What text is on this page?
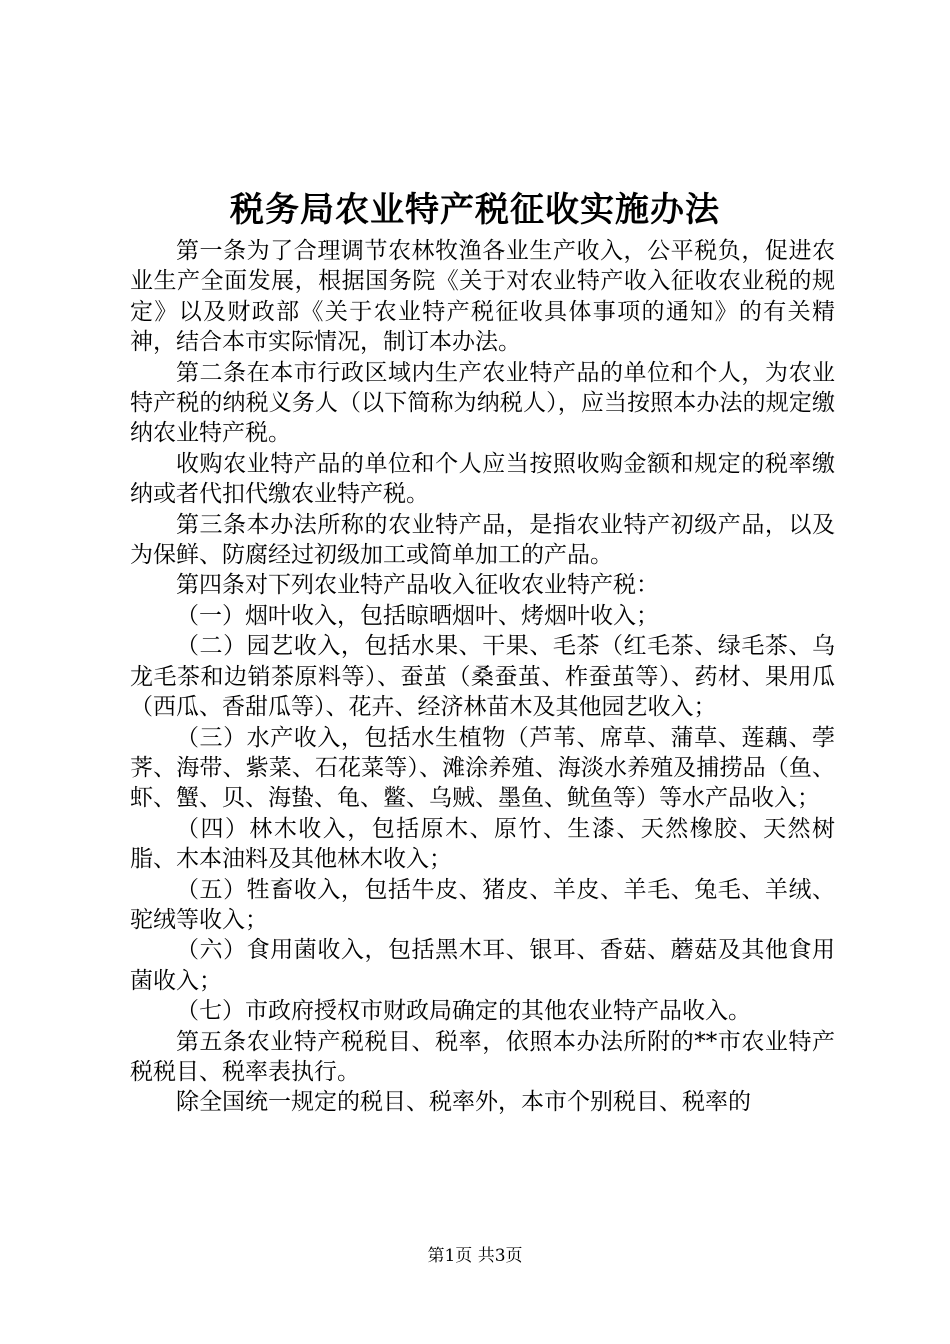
税务局农业特产税征收实施办法

第一条为了合理调节农林牧渔各业生产收入，公平税负，促进农业生产全面发展，根据国务院《关于对农业特产收入征收农业税的规定》以及财政部《关于农业特产税征收具体事项的通知》的有关精神，结合本市实际情况，制订本办法。

第二条在本市行政区域内生产农业特产品的单位和个人，为农业特产税的纳税义务人（以下简称为纳税人），应当按照本办法的规定缴纳农业特产税。

收购农业特产品的单位和个人应当按照收购金额和规定的税率缴纳或者代扣代缴农业特产税。

第三条本办法所称的农业特产品，是指农业特产初级产品，以及为保鲜、防腐经过初级加工或简单加工的产品。

第四条对下列农业特产品收入征收农业特产税：

（一）烟叶收入，包括晾晒烟叶、烤烟叶收入；

（二）园艺收入，包括水果、干果、毛茶（红毛茶、绿毛茶、乌龙毛茶和边销茶原料等）、蚕茧（桑蚕茧、柞蚕茧等）、药材、果用瓜（西瓜、香甜瓜等）、花卉、经济林苗木及其他园艺收入；

（三）水产收入，包括水生植物（芦苇、席草、蒲草、莲藕、荸荠、海带、紫菜、石花菜等）、滩涂养殖、海淡水养殖及捕捞品（鱼、虾、蟹、贝、海蛰、龟、鳖、乌贼、墨鱼、鱿鱼等）等水产品收入；

（四）林木收入，包括原木、原竹、生漆、天然橡胶、天然树脂、木本油料及其他林木收入；

（五）牲畜收入，包括牛皮、猪皮、羊皮、羊毛、兔毛、羊绒、驼绒等收入；

（六）食用菌收入，包括黑木耳、银耳、香菇、蘑菇及其他食用菌收入；

（七）市政府授权市财政局确定的其他农业特产品收入。

第五条农业特产税税目、税率，依照本办法所附的**市农业特产税税目、税率表执行。

除全国统一规定的税目、税率外，本市个别税目、税率的

第1页 共3页
